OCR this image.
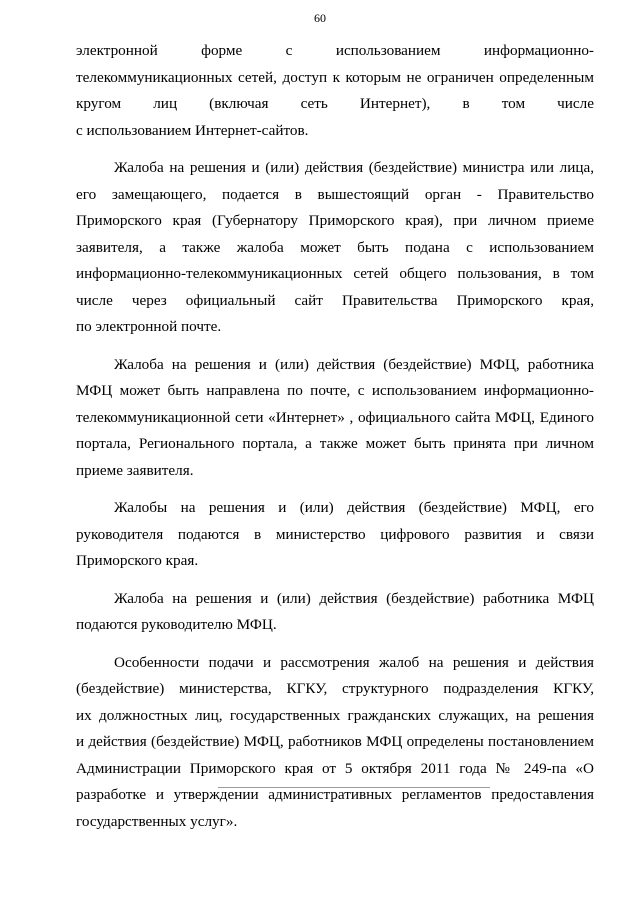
60
электронной форме с использованием информационно-
телекоммуникационных сетей, доступ к которым не ограничен определенным
кругом лиц (включая сеть Интернет), в том числе
с использованием Интернет-сайтов.
Жалоба на решения и (или) действия (бездействие) министра или лица,
его замещающего, подается в вышестоящий орган - Правительство
Приморского края (Губернатору Приморского края), при личном приеме
заявителя, а также жалоба может быть подана с использованием
информационно-телекоммуникационных сетей общего пользования, в том
числе через официальный сайт Правительства Приморского края,
по электронной почте.
Жалоба на решения и (или) действия (бездействие) МФЦ, работника
МФЦ может быть направлена по почте, с использованием информационно-
телекоммуникационной сети «Интернет» , официального сайта МФЦ, Единого
портала, Регионального портала, а также может быть принята при личном
приеме заявителя.
Жалобы на решения и (или) действия (бездействие) МФЦ, его
руководителя подаются в министерство цифрового развития и связи
Приморского края.
Жалоба на решения и (или) действия (бездействие) работника МФЦ
подаются руководителю МФЦ.
Особенности подачи и рассмотрения жалоб на решения и действия
(бездействие) министерства, КГКУ, структурного подразделения КГКУ,
их должностных лиц, государственных гражданских служащих, на решения
и действия (бездействие) МФЦ, работников МФЦ определены постановлением
Администрации Приморского края от 5 октября 2011 года № 249-па «О
разработке и утверждении административных регламентов предоставления
государственных услуг».
